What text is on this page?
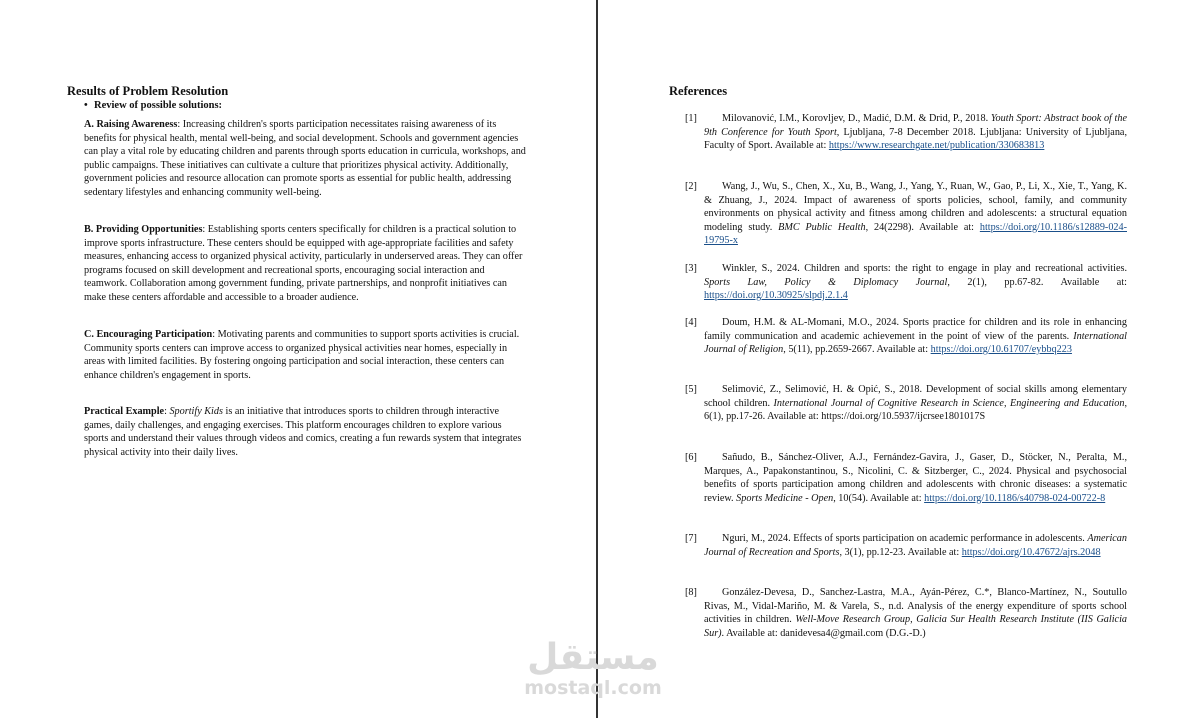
Results of Problem Resolution
• Review of possible solutions:
A. Raising Awareness: Increasing children's sports participation necessitates raising awareness of its benefits for physical health, mental well-being, and social development. Schools and government agencies can play a vital role by educating children and parents through sports education in curricula, workshops, and public campaigns. These initiatives can cultivate a culture that prioritizes physical activity. Additionally, government policies and resource allocation can promote sports as essential for public health, addressing sedentary lifestyles and enhancing community well-being.
B. Providing Opportunities: Establishing sports centers specifically for children is a practical solution to improve sports infrastructure. These centers should be equipped with age-appropriate facilities and safety measures, enhancing access to organized physical activity, particularly in underserved areas. They can offer programs focused on skill development and recreational sports, encouraging social interaction and teamwork. Collaboration among government funding, private partnerships, and nonprofit initiatives can make these centers affordable and accessible to a broader audience.
C. Encouraging Participation: Motivating parents and communities to support sports activities is crucial. Community sports centers can improve access to organized physical activities near homes, especially in areas with limited facilities. By fostering ongoing participation and social interaction, these centers can enhance children's engagement in sports.
Practical Example: Sportify Kids is an initiative that introduces sports to children through interactive games, daily challenges, and engaging exercises. This platform encourages children to explore various sports and understand their values through videos and comics, creating a fun rewards system that integrates physical activity into their daily lives.
References
[1]	Milovanović, I.M., Korovljev, D., Madić, D.M. & Drid, P., 2018. Youth Sport: Abstract book of the 9th Conference for Youth Sport, Ljubljana, 7-8 December 2018. Ljubljana: University of Ljubljana, Faculty of Sport. Available at: https://www.researchgate.net/publication/330683813
[2]	Wang, J., Wu, S., Chen, X., Xu, B., Wang, J., Yang, Y., Ruan, W., Gao, P., Li, X., Xie, T., Yang, K. & Zhuang, J., 2024. Impact of awareness of sports policies, school, family, and community environments on physical activity and fitness among children and adolescents: a structural equation modeling study. BMC Public Health, 24(2298). Available at: https://doi.org/10.1186/s12889-024-19795-x
[3]	Winkler, S., 2024. Children and sports: the right to engage in play and recreational activities. Sports Law, Policy & Diplomacy Journal, 2(1), pp.67-82. Available at: https://doi.org/10.30925/slpdj.2.1.4
[4]	Doum, H.M. & AL-Momani, M.O., 2024. Sports practice for children and its role in enhancing family communication and academic achievement in the point of view of the parents. International Journal of Religion, 5(11), pp.2659-2667. Available at: https://doi.org/10.61707/eybbq223
[5]	Selimović, Z., Selimović, H. & Opić, S., 2018. Development of social skills among elementary school children. International Journal of Cognitive Research in Science, Engineering and Education, 6(1), pp.17-26. Available at: https://doi.org/10.5937/ijcrsee1801017S
[6]	Sañudo, B., Sánchez-Oliver, A.J., Fernández-Gavira, J., Gaser, D., Stöcker, N., Peralta, M., Marques, A., Papakonstantinou, S., Nicolini, C. & Sitzberger, C., 2024. Physical and psychosocial benefits of sports participation among children and adolescents with chronic diseases: a systematic review. Sports Medicine - Open, 10(54). Available at: https://doi.org/10.1186/s40798-024-00722-8
[7]	Nguri, M., 2024. Effects of sports participation on academic performance in adolescents. American Journal of Recreation and Sports, 3(1), pp.12-23. Available at: https://doi.org/10.47672/ajrs.2048
[8]	González-Devesa, D., Sanchez-Lastra, M.A., Ayán-Pérez, C.*, Blanco-Martínez, N., Soutullo Rivas, M., Vidal-Mariño, M. & Varela, S., n.d. Analysis of the energy expenditure of sports school activities in children. Well-Move Research Group, Galicia Sur Health Research Institute (IIS Galicia Sur). Available at: danidevesa4@gmail.com (D.G.-D.)
مستقل
mostaql.com
